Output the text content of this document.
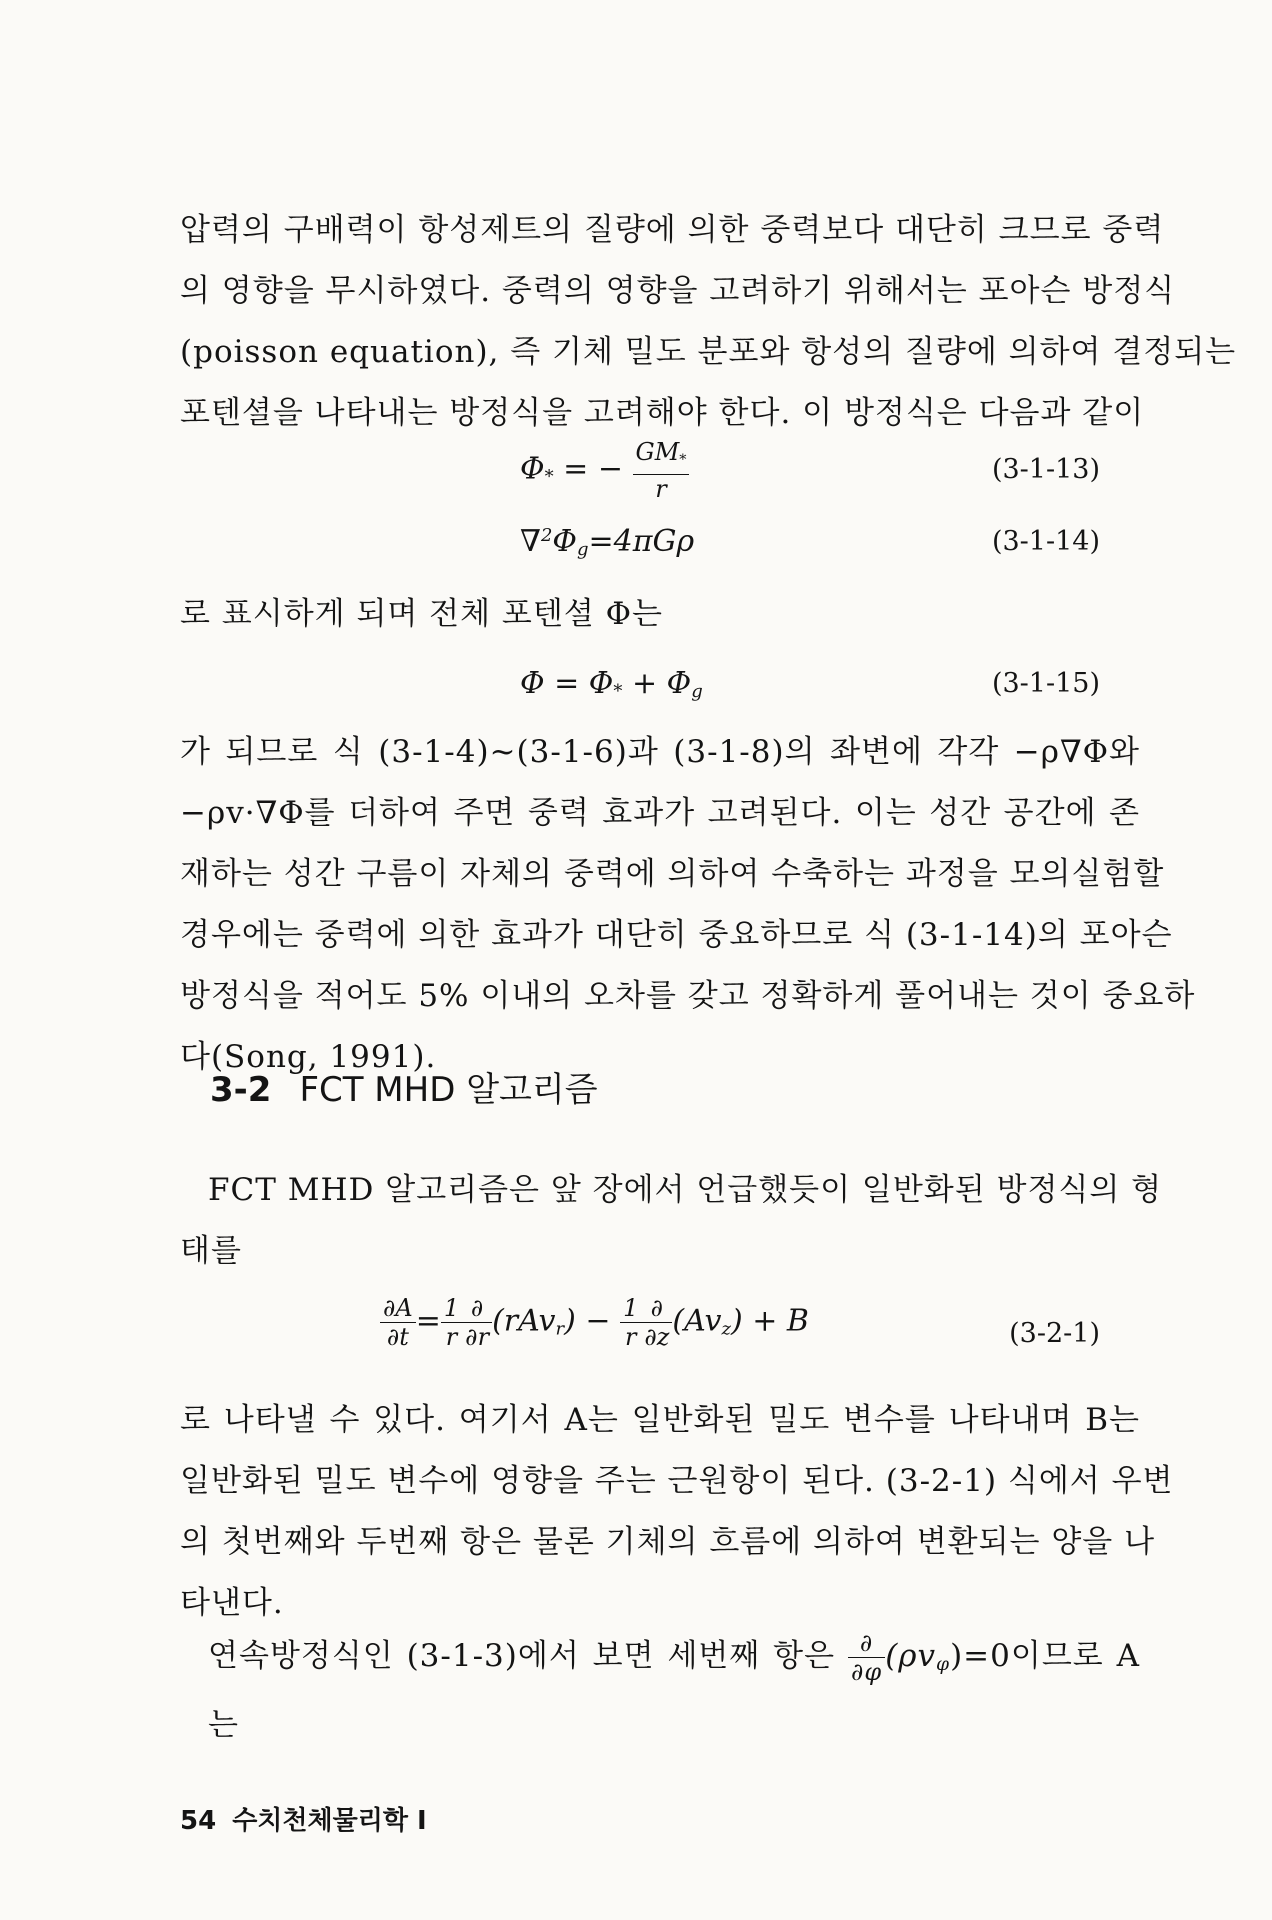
압력의 구배력이 항성제트의 질량에 의한 중력보다 대단히 크므로 중력
의 영향을 무시하였다. 중력의 영향을 고려하기 위해서는 포아슨 방정식
(poisson equation), 즉 기체 밀도 분포와 항성의 질량에 의하여 결정되는
포텐셜을 나타내는 방정식을 고려해야 한다. 이 방정식은 다음과 같이

$\Phi_*$ = − $\frac{GM_*}{r}$	(3-1-13)
$\nabla^2\Phi_g=4\pi G\rho$	(3-1-14)

로 표시하게 되며 전체 포텐셜 Φ는

$\Phi = \Phi_* + \Phi_g$	(3-1-15)

가 되므로 식 (3-1-4)~(3-1-6)과 (3-1-8)의 좌변에 각각 −ρ∇Φ와
−ρv·∇Φ를 더하여 주면 중력 효과가 고려된다. 이는 성간 공간에 존
재하는 성간 구름이 자체의 중력에 의하여 수축하는 과정을 모의실험할
경우에는 중력에 의한 효과가 대단히 중요하므로 식 (3-1-14)의 포아슨
방정식을 적어도 5% 이내의 오차를 갖고 정확하게 풀어내는 것이 중요하
다(Song, 1991).

3-2 FCT MHD 알고리즘

FCT MHD 알고리즘은 앞 장에서 언급했듯이 일반화된 방정식의 형
태를

$\frac{\partial A}{\partial t} = \frac{1}{r} \frac{\partial}{\partial r} (rAv_r) - \frac{1}{r} \frac{\partial}{\partial z} (Av_z) + B$	(3-2-1)

로 나타낼 수 있다. 여기서 A는 일반화된 밀도 변수를 나타내며 B는
일반화된 밀도 변수에 영향을 주는 근원항이 된다. (3-2-1) 식에서 우변
의 첫번째와 두번째 항은 물론 기체의 흐름에 의하여 변환되는 양을 나
타낸다.

연속방정식인 (3-1-3)에서 보면 세번째 항은 $\frac{\partial}{\partial\varphi} (\rho v_\varphi)=0$이므로 A는

54 수치천체물리학 I
